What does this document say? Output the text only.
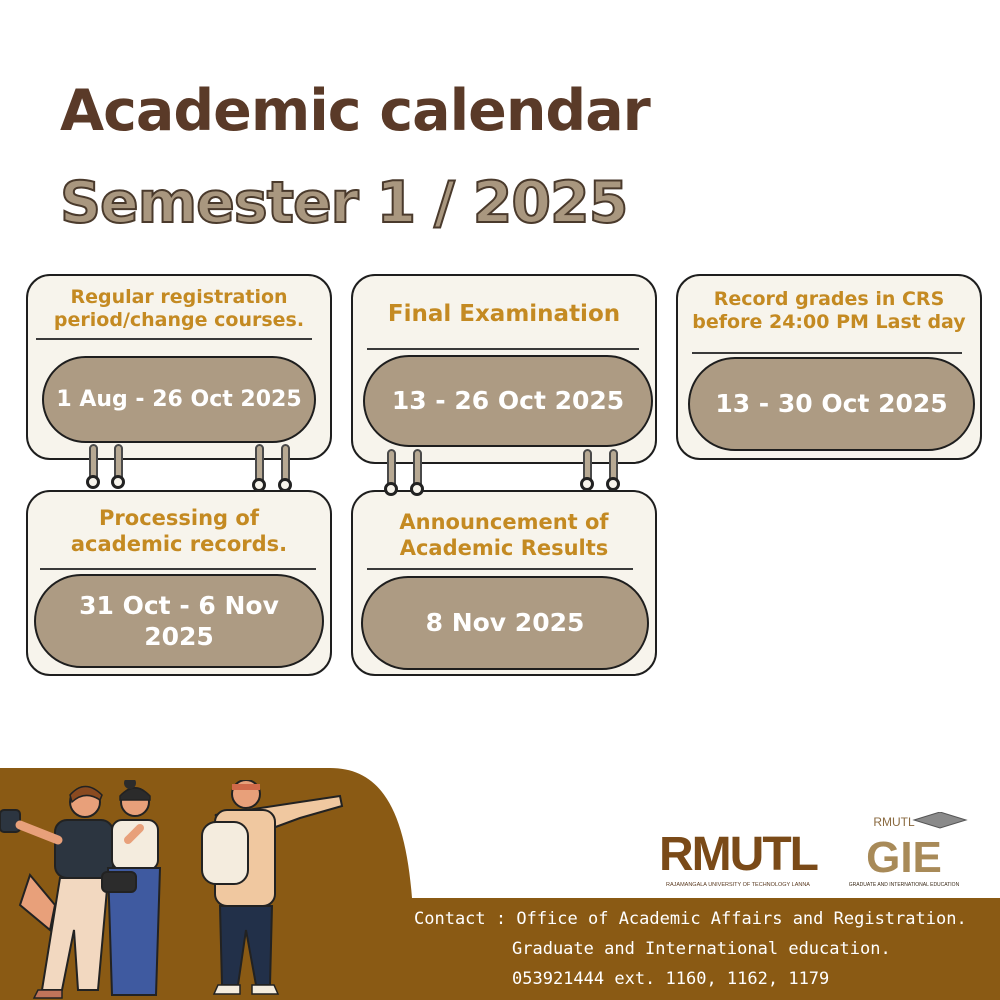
Academic calendar
Semester 1 / 2025
Regular registration
period/change courses.
1 Aug - 26 Oct 2025
Final Examination
13 - 26 Oct 2025
Record grades in CRS
before 24:00 PM Last day
13 - 30 Oct 2025
Processing of
academic records.
31 Oct - 6 Nov
2025
Announcement of
Academic Results
8 Nov 2025
RMUTL
RAJAMANGALA UNIVERSITY OF TECHNOLOGY LANNA
RMUTL
GIE
GRADUATE AND INTERNATIONAL EDUCATION
Contact : Office of Academic Affairs and Registration.

Graduate and International education.
053921444 ext. 1160, 1162, 1179
